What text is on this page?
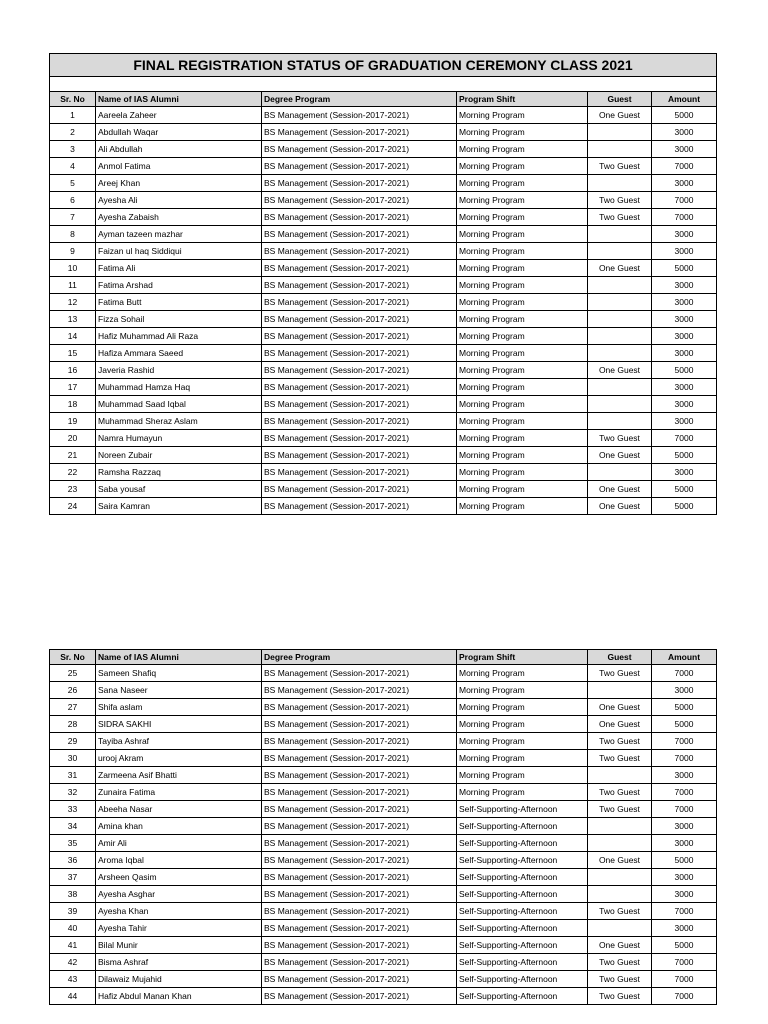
FINAL REGISTRATION STATUS OF GRADUATION CEREMONY CLASS 2021					

Sr. No	Name of IAS Alumni	Degree Program	Program Shift	Guest	Amount
1	Aareela Zaheer	BS Management (Session-2017-2021)	Morning Program	One Guest	5000
2	Abdullah Waqar	BS Management (Session-2017-2021)	Morning Program		3000
3	Ali Abdullah	BS Management (Session-2017-2021)	Morning Program		3000
4	Anmol Fatima	BS Management (Session-2017-2021)	Morning Program	Two Guest	7000
5	Areej Khan	BS Management (Session-2017-2021)	Morning Program		3000
6	Ayesha Ali	BS Management (Session-2017-2021)	Morning Program	Two Guest	7000
7	Ayesha Zabaish	BS Management (Session-2017-2021)	Morning Program	Two Guest	7000
8	Ayman tazeen mazhar	BS Management (Session-2017-2021)	Morning Program		3000
9	Faizan ul haq Siddiqui	BS Management (Session-2017-2021)	Morning Program		3000
10	Fatima Ali	BS Management (Session-2017-2021)	Morning Program	One Guest	5000
11	Fatima Arshad	BS Management (Session-2017-2021)	Morning Program		3000
12	Fatima Butt	BS Management (Session-2017-2021)	Morning Program		3000
13	Fizza Sohail	BS Management (Session-2017-2021)	Morning Program		3000
14	Hafiz Muhammad Ali Raza	BS Management (Session-2017-2021)	Morning Program		3000
15	Hafiza Ammara Saeed	BS Management (Session-2017-2021)	Morning Program		3000
16	Javeria Rashid	BS Management (Session-2017-2021)	Morning Program	One Guest	5000
17	Muhammad Hamza Haq	BS Management (Session-2017-2021)	Morning Program		3000
18	Muhammad Saad Iqbal	BS Management (Session-2017-2021)	Morning Program		3000
19	Muhammad Sheraz Aslam	BS Management (Session-2017-2021)	Morning Program		3000
20	Namra Humayun	BS Management (Session-2017-2021)	Morning Program	Two Guest	7000
21	Noreen Zubair	BS Management (Session-2017-2021)	Morning Program	One Guest	5000
22	Ramsha Razzaq	BS Management (Session-2017-2021)	Morning Program		3000
23	Saba yousaf	BS Management (Session-2017-2021)	Morning Program	One Guest	5000
24	Saira Kamran	BS Management (Session-2017-2021)	Morning Program	One Guest	5000
Sr. No	Name of IAS Alumni	Degree Program	Program Shift	Guest	Amount
25	Sameen Shafiq	BS Management (Session-2017-2021)	Morning Program	Two Guest	7000
26	Sana Naseer	BS Management (Session-2017-2021)	Morning Program		3000
27	Shifa aslam	BS Management (Session-2017-2021)	Morning Program	One Guest	5000
28	SIDRA SAKHI	BS Management (Session-2017-2021)	Morning Program	One Guest	5000
29	Tayiba Ashraf	BS Management (Session-2017-2021)	Morning Program	Two Guest	7000
30	urooj Akram	BS Management (Session-2017-2021)	Morning Program	Two Guest	7000
31	Zarmeena Asif Bhatti	BS Management (Session-2017-2021)	Morning Program		3000
32	Zunaira Fatima	BS Management (Session-2017-2021)	Morning Program	Two Guest	7000
33	Abeeha Nasar	BS Management (Session-2017-2021)	Self-Supporting-Afternoon	Two Guest	7000
34	Amina khan	BS Management (Session-2017-2021)	Self-Supporting-Afternoon		3000
35	Amir Ali	BS Management (Session-2017-2021)	Self-Supporting-Afternoon		3000
36	Aroma Iqbal	BS Management (Session-2017-2021)	Self-Supporting-Afternoon	One Guest	5000
37	Arsheen Qasim	BS Management (Session-2017-2021)	Self-Supporting-Afternoon		3000
38	Ayesha Asghar	BS Management (Session-2017-2021)	Self-Supporting-Afternoon		3000
39	Ayesha Khan	BS Management (Session-2017-2021)	Self-Supporting-Afternoon	Two Guest	7000
40	Ayesha Tahir	BS Management (Session-2017-2021)	Self-Supporting-Afternoon		3000
41	Bilal Munir	BS Management (Session-2017-2021)	Self-Supporting-Afternoon	One Guest	5000
42	Bisma Ashraf	BS Management (Session-2017-2021)	Self-Supporting-Afternoon	Two Guest	7000
43	Dilawaiz Mujahid	BS Management (Session-2017-2021)	Self-Supporting-Afternoon	Two Guest	7000
44	Hafiz Abdul Manan Khan	BS Management (Session-2017-2021)	Self-Supporting-Afternoon	Two Guest	7000
